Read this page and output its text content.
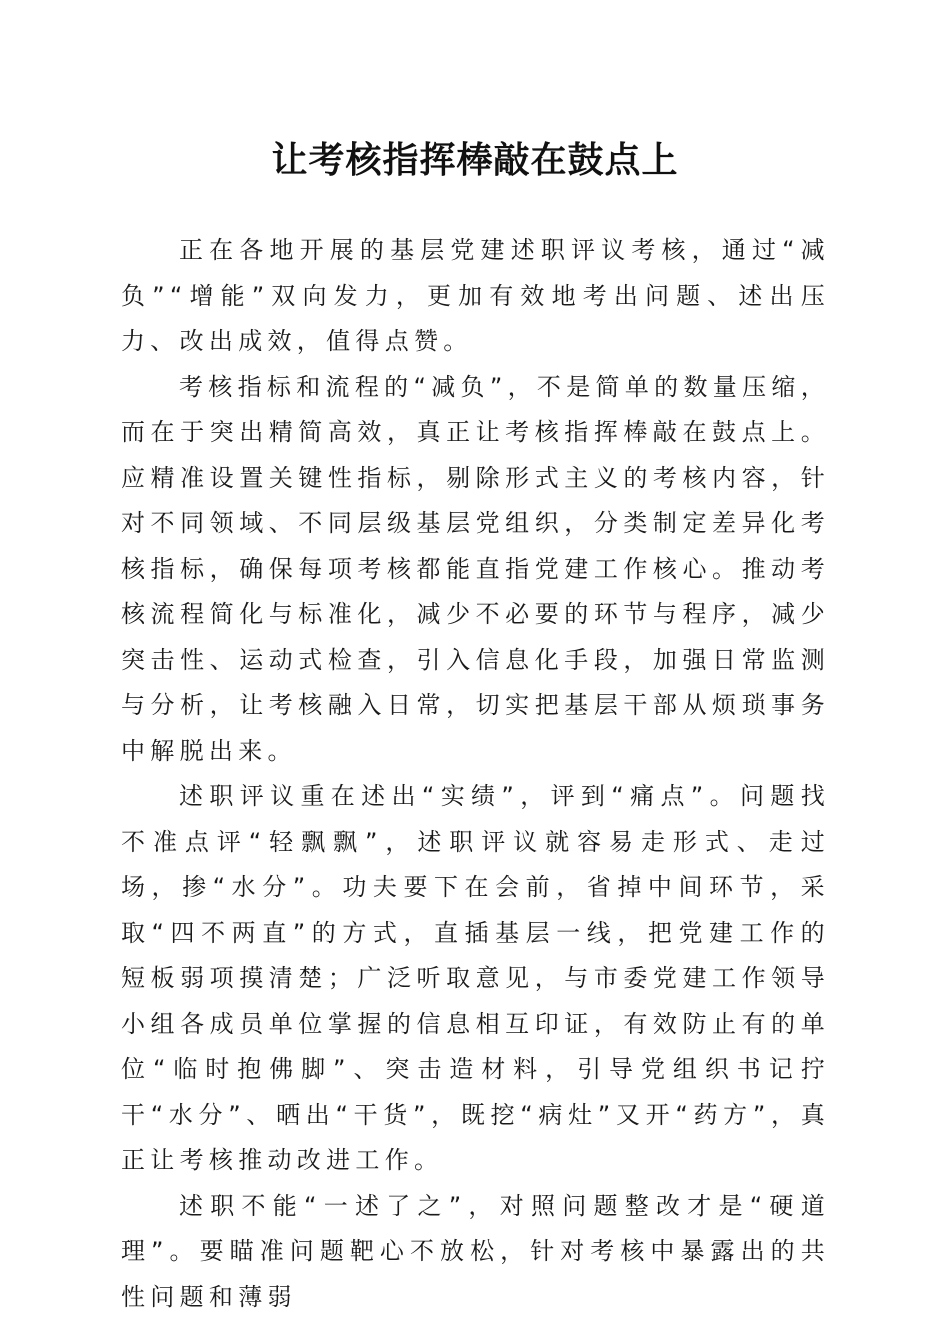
让考核指挥棒敲在鼓点上

正在各地开展的基层党建述职评议考核，通过“减负”“增能”双向发力，更加有效地考出问题、述出压力、改出成效，值得点赞。

考核指标和流程的“减负”，不是简单的数量压缩，而在于突出精简高效，真正让考核指挥棒敲在鼓点上。应精准设置关键性指标，剔除形式主义的考核内容，针对不同领域、不同层级基层党组织，分类制定差异化考核指标，确保每项考核都能直指党建工作核心。推动考核流程简化与标准化，减少不必要的环节与程序，减少突击性、运动式检查，引入信息化手段，加强日常监测与分析，让考核融入日常，切实把基层干部从烦琐事务中解脱出来。

述职评议重在述出“实绩”，评到“痛点”。问题找不准点评“轻飘飘”，述职评议就容易走形式、走过场，掺“水分”。功夫要下在会前，省掉中间环节，采取“四不两直”的方式，直插基层一线，把党建工作的短板弱项摸清楚；广泛听取意见，与市委党建工作领导小组各成员单位掌握的信息相互印证，有效防止有的单位“临时抱佛脚”、突击造材料，引导党组织书记拧干“水分”、晒出“干货”，既挖“病灶”又开“药方”，真正让考核推动改进工作。

述职不能“一述了之”，对照问题整改才是“硬道理”。要瞄准问题靶心不放松，针对考核中暴露出的共性问题和薄弱
